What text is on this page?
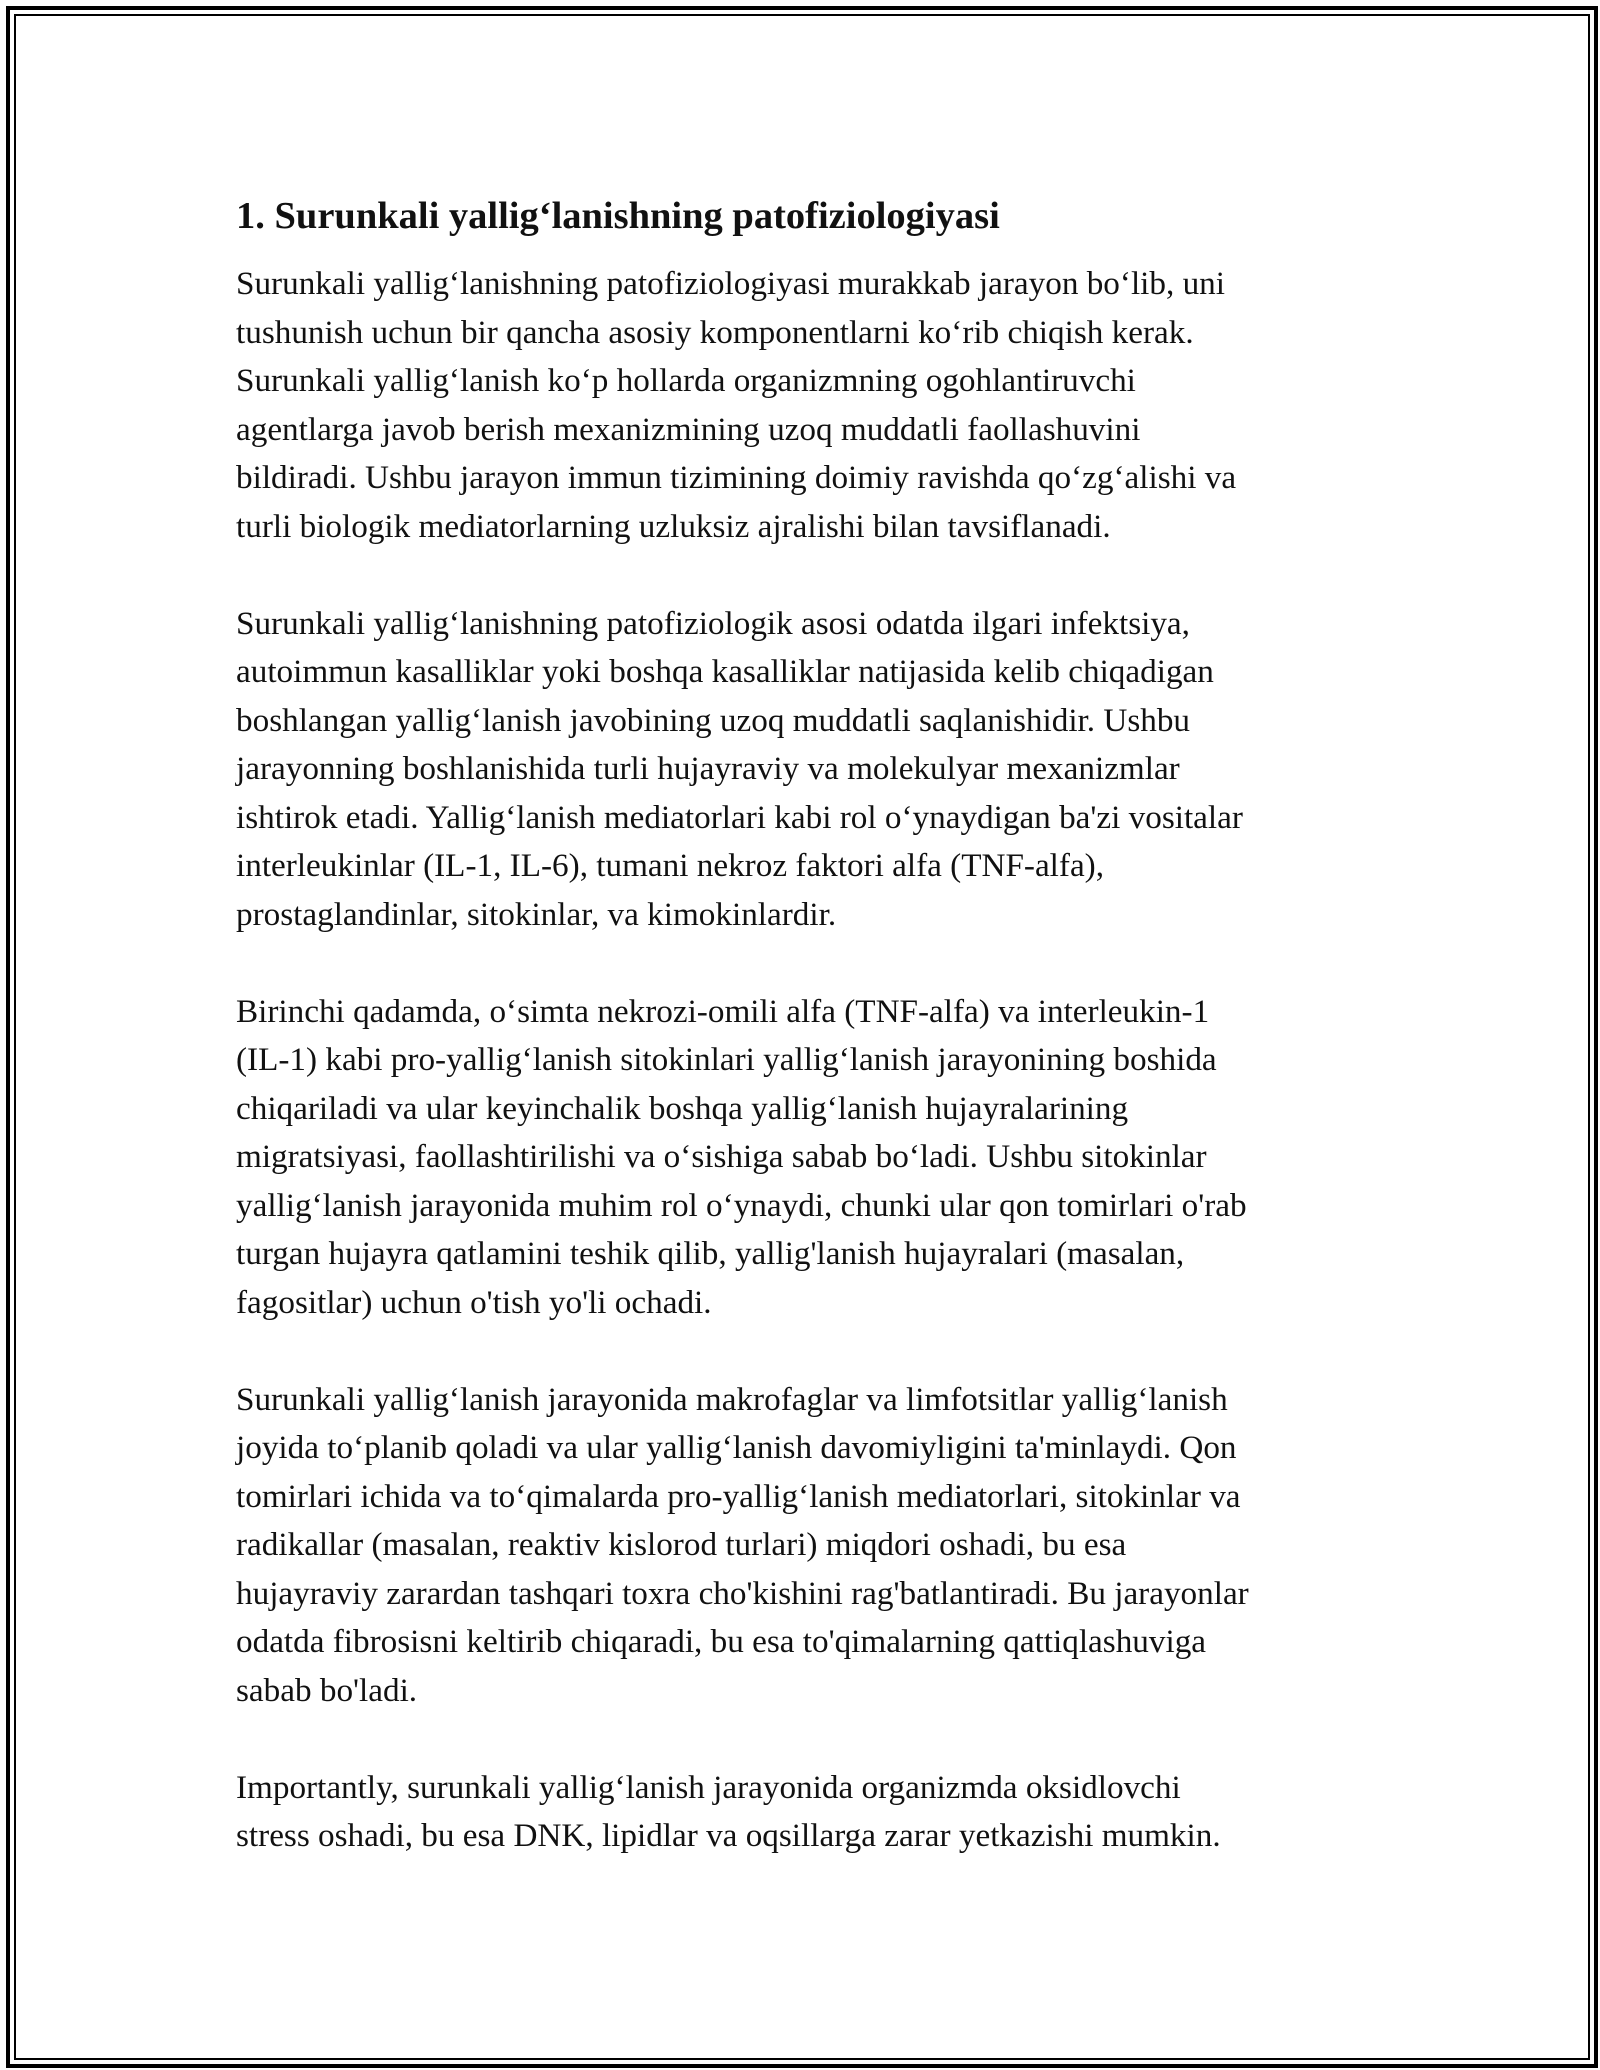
1. Surunkali yallig‘lanishning patofiziologiyasi

Surunkali yallig‘lanishning patofiziologiyasi murakkab jarayon bo‘lib, uni
tushunish uchun bir qancha asosiy komponentlarni ko‘rib chiqish kerak.
Surunkali yallig‘lanish ko‘p hollarda organizmning ogohlantiruvchi
agentlarga javob berish mexanizmining uzoq muddatli faollashuvini
bildiradi. Ushbu jarayon immun tizimining doimiy ravishda qo‘zg‘alishi va
turli biologik mediatorlarning uzluksiz ajralishi bilan tavsiflanadi.

Surunkali yallig‘lanishning patofiziologik asosi odatda ilgari infektsiya,
autoimmun kasalliklar yoki boshqa kasalliklar natijasida kelib chiqadigan
boshlangan yallig‘lanish javobining uzoq muddatli saqlanishidir. Ushbu
jarayonning boshlanishida turli hujayraviy va molekulyar mexanizmlar
ishtirok etadi. Yallig‘lanish mediatorlari kabi rol o‘ynaydigan ba'zi vositalar
interleukinlar (IL-1, IL-6), tumani nekroz faktori alfa (TNF-alfa),
prostaglandinlar, sitokinlar, va kimokinlardir.

Birinchi qadamda, o‘simta nekrozi-omili alfa (TNF-alfa) va interleukin-1
(IL-1) kabi pro-yallig‘lanish sitokinlari yallig‘lanish jarayonining boshida
chiqariladi va ular keyinchalik boshqa yallig‘lanish hujayralarining
migratsiyasi, faollashtirilishi va o‘sishiga sabab bo‘ladi. Ushbu sitokinlar
yallig‘lanish jarayonida muhim rol o‘ynaydi, chunki ular qon tomirlari o'rab
turgan hujayra qatlamini teshik qilib, yallig'lanish hujayralari (masalan,
fagositlar) uchun o'tish yo'li ochadi.

Surunkali yallig‘lanish jarayonida makrofaglar va limfotsitlar yallig‘lanish
joyida to‘planib qoladi va ular yallig‘lanish davomiyligini ta'minlaydi. Qon
tomirlari ichida va to‘qimalarda pro-yallig‘lanish mediatorlari, sitokinlar va
radikallar (masalan, reaktiv kislorod turlari) miqdori oshadi, bu esa
hujayraviy zarardan tashqari toxra cho'kishini rag'batlantiradi. Bu jarayonlar
odatda fibrosisni keltirib chiqaradi, bu esa to'qimalarning qattiqlashuviga
sabab bo'ladi.

Importantly, surunkali yallig‘lanish jarayonida organizmda oksidlovchi
stress oshadi, bu esa DNK, lipidlar va oqsillarga zarar yetkazishi mumkin.
